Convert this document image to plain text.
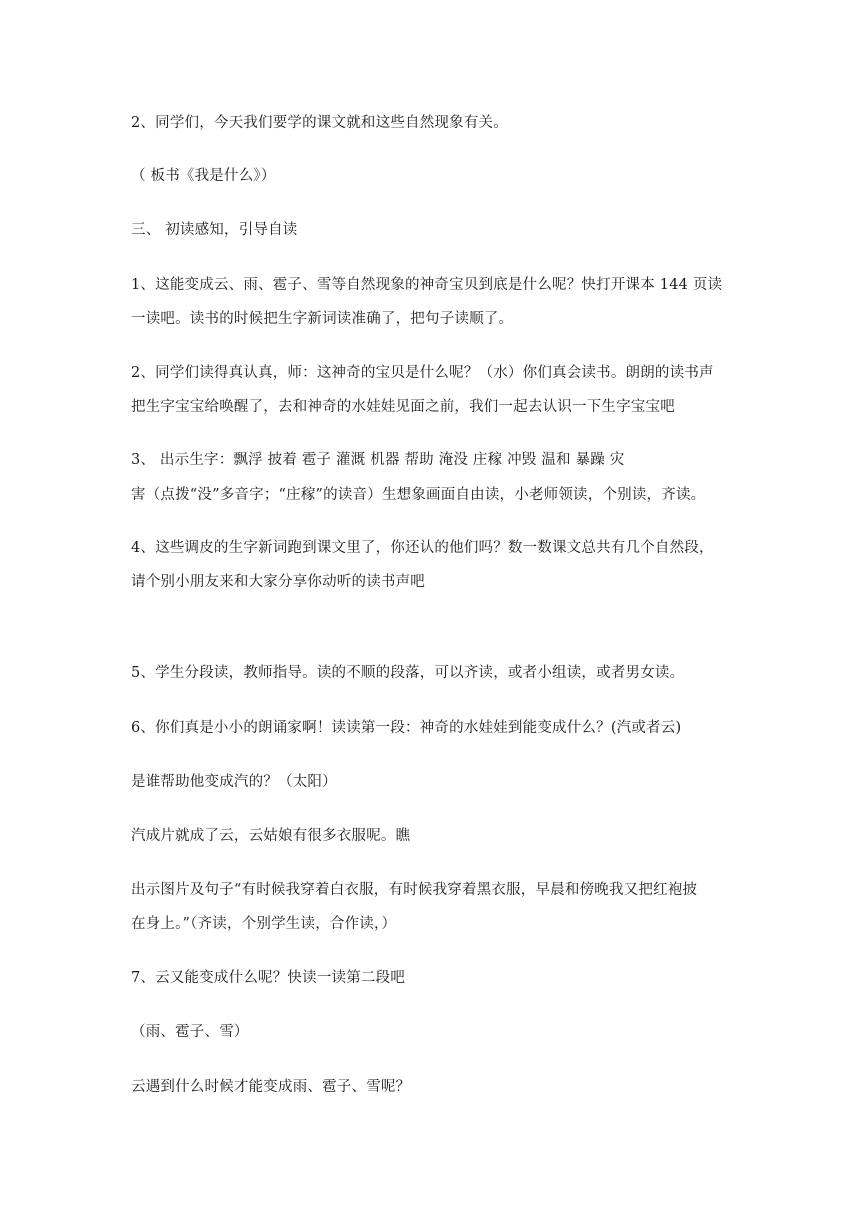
2、同学们，今天我们要学的课文就和这些自然现象有关。
（ 板书《我是什么》）
三、 初读感知，引导自读
1、这能变成云、雨、雹子、雪等自然现象的神奇宝贝到底是什么呢？快打开课本 144 页读
一读吧。读书的时候把生字新词读准确了，把句子读顺了。
2、同学们读得真认真，师：这神奇的宝贝是什么呢？（水）你们真会读书。朗朗的读书声
把生字宝宝给唤醒了，去和神奇的水娃娃见面之前，我们一起去认识一下生字宝宝吧
3、 出示生字：飘浮 披着 雹子 灌溉 机器 帮助 淹没 庄稼 冲毁 温和 暴躁 灾
害（点拨“没”多音字；“庄稼”的读音）生想象画面自由读，小老师领读，个别读，齐读。
4、这些调皮的生字新词跑到课文里了，你还认的他们吗？数一数课文总共有几个自然段，
请个别小朋友来和大家分享你动听的读书声吧
5、学生分段读，教师指导。读的不顺的段落，可以齐读，或者小组读，或者男女读。
6、你们真是小小的朗诵家啊！读读第一段：神奇的水娃娃到能变成什么？(汽或者云)
是谁帮助他变成汽的？（太阳）
汽成片就成了云，云姑娘有很多衣服呢。瞧
出示图片及句子“有时候我穿着白衣服，有时候我穿着黑衣服，早晨和傍晚我又把红袍披
在身上。”（齐读，个别学生读，合作读，）
7、云又能变成什么呢？快读一读第二段吧
（雨、雹子、雪）
云遇到什么时候才能变成雨、雹子、雪呢？
